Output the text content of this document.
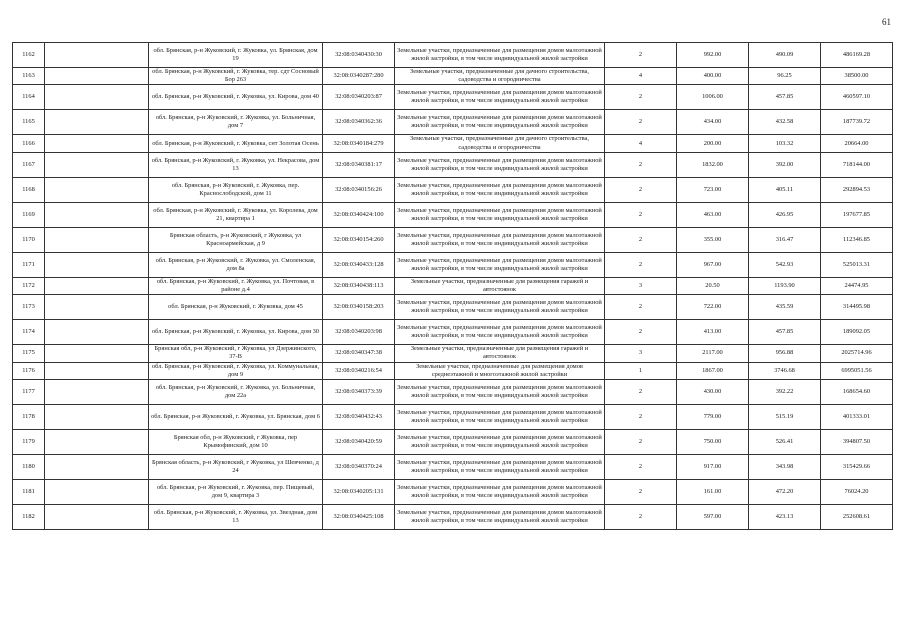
61
1162		обл. Брянская, р-н Жуковский, г. Жуковка, ул. Брянская, дом 19	32:08:0340430:30	Земельные участки, предназначенные для размещения домов малоэтажной жилой застройки, в том числе индивидуальной жилой застройки	2	992.00	490.09	486169.28
1163		обл. Брянская, р-н Жуковский, г. Жуковка, тер. сдт Сосновый Бор 263	32:08:0340287:280	Земельные участки, предназначенные для дачного строительства, садоводства и огородничества	4	400.00	96.25	38500.00
1164		обл. Брянская, р-н Жуковский, г. Жуковка, ул. Кирова, дом 40	32:08:0340203:87	Земельные участки, предназначенные для размещения домов малоэтажной жилой застройки, в том числе индивидуальной жилой застройки	2	1006.00	457.85	460597.10
1165		обл. Брянская, р-н Жуковский, г. Жуковка, ул. Больничная, дом 7	32:08:0340362:36	Земельные участки, предназначенные для размещения домов малоэтажной жилой застройки, в том числе индивидуальной жилой застройки	2	434.00	432.58	187739.72
1166		обл. Брянская, р-н Жуковский, г. Жуковка, снт Золотая Осень	32:08:0340184:279	Земельные участки, предназначенные для дачного строительства, садоводства и огородничества	4	200.00	103.32	20664.00
1167		обл. Брянская, р-н Жуковский, г. Жуковка, ул. Некрасова, дом 13	32:08:0340381:17	Земельные участки, предназначенные для размещения домов малоэтажной жилой застройки, в том числе индивидуальной жилой застройки	2	1832.00	392.00	718144.00
1168		обл. Брянская, р-н Жуковский, г. Жуковка, пер. Краснослободской, дом 11	32:08:0340156:26	Земельные участки, предназначенные для размещения домов малоэтажной жилой застройки, в том числе индивидуальной жилой застройки	2	723.00	405.11	292894.53
1169		обл. Брянская, р-н Жуковский, г. Жуковка, ул. Королева, дом 21, квартира 1	32:08:0340424:100	Земельные участки, предназначенные для размещения домов малоэтажной жилой застройки, в том числе индивидуальной жилой застройки	2	463.00	426.95	197677.85
1170		Брянская область, р-н Жуковский, г Жуковка, ул Красноармейская, д 9	32:08:0340154:260	Земельные участки, предназначенные для размещения домов малоэтажной жилой застройки, в том числе индивидуальной жилой застройки	2	355.00	316.47	112346.85
1171		обл. Брянская, р-н Жуковский, г. Жуковка, ул. Смоленская, дом 8а	32:08:0340433:128	Земельные участки, предназначенные для размещения домов малоэтажной жилой застройки, в том числе индивидуальной жилой застройки	2	967.00	542.93	525013.31
1172		обл. Брянская, р-н Жуковский, г. Жуковка, ул. Почтовая, в районе д.4	32:08:0340438:113	Земельные участки, предназначенные для размещения гаражей и автостоянок	3	20.50	1193.90	24474.95
1173		обл. Брянская, р-н Жуковский, г. Жуковка, дом 45	32:08:0340158:203	Земельные участки, предназначенные для размещения домов малоэтажной жилой застройки, в том числе индивидуальной жилой застройки	2	722.00	435.59	314495.98
1174		обл. Брянская, р-н Жуковский, г. Жуковка, ул. Кирова, дом 30	32:08:0340203:98	Земельные участки, предназначенные для размещения домов малоэтажной жилой застройки, в том числе индивидуальной жилой застройки	2	413.00	457.85	189092.05
1175		Брянская обл, р-н Жуковский, г Жуковка, ул Дзержинского, 37-В	32:08:0340347:38	Земельные участки, предназначенные для размещения гаражей и автостоянок	3	2117.00	956.88	2025714.96
1176		обл. Брянская, р-н Жуковский, г. Жуковка, ул. Коммунальная, дом 9	32:08:0340216:54	Земельные участки, предназначенные для размещения домов среднеэтажной и многоэтажной жилой застройки	1	1867.00	3746.68	6995051.56
1177		обл. Брянская, р-н Жуковский, г. Жуковка, ул. Больничная, дом 22а	32:08:0340373:39	Земельные участки, предназначенные для размещения домов малоэтажной жилой застройки, в том числе индивидуальной жилой застройки	2	430.00	392.22	168654.60
1178		обл. Брянская, р-н Жуковский, г. Жуковка, ул. Брянская, дом 6	32:08:0340432:43	Земельные участки, предназначенные для размещения домов малоэтажной жилой застройки, в том числе индивидуальной жилой застройки	2	779.00	515.19	401333.01
1179		Брянская обл, р-н Жуковский, г Жуковка, пер Крымофинский, дом 10	32:08:0340420:59	Земельные участки, предназначенные для размещения домов малоэтажной жилой застройки, в том числе индивидуальной жилой застройки	2	750.00	526.41	394807.50
1180		Брянская область, р-н Жуковский, г Жуковка, ул Шевченко, д 24	32:08:0340370:24	Земельные участки, предназначенные для размещения домов малоэтажной жилой застройки, в том числе индивидуальной жилой застройки	2	917.00	343.98	315429.66
1181		обл. Брянская, р-н Жуковский, г. Жуковка, пер. Пищевый, дом 9, квартира 3	32:08:0340205:131	Земельные участки, предназначенные для размещения домов малоэтажной жилой застройки, в том числе индивидуальной жилой застройки	2	161.00	472.20	76024.20
1182		обл. Брянская, р-н Жуковский, г. Жуковка, ул. Звездная, дом 13	32:08:0340425:108	Земельные участки, предназначенные для размещения домов малоэтажной жилой застройки, в том числе индивидуальной жилой застройки	2	597.00	423.13	252608.61
